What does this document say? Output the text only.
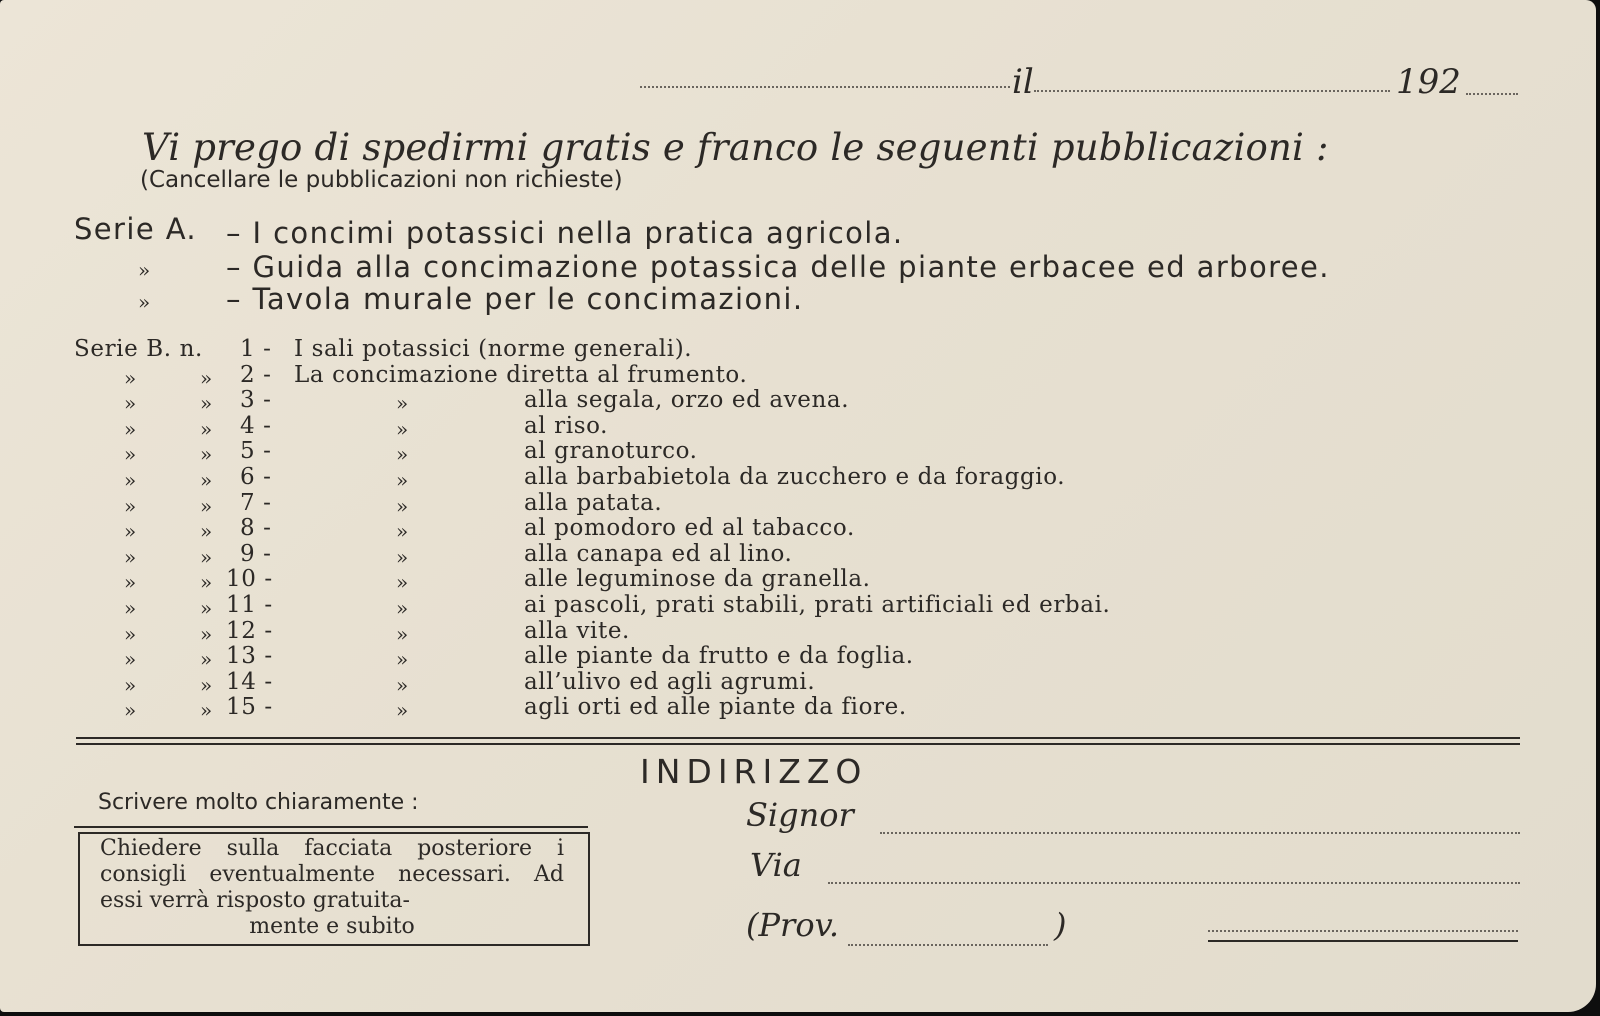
il	192
Vi prego di spedirmi gratis e franco le seguenti pubblicazioni :
(Cancellare le pubblicazioni non richieste)
Serie A. – I concimi potassici nella pratica agricola.
»	– Guida alla concimazione potassica delle piante erbacee ed arboree.
»	– Tavola murale per le concimazioni.
Serie B. n. 1 - I sali potassici (norme generali).
»	» 2 - La concimazione diretta al frumento.
»	» 3 -	»	alla segala, orzo ed avena.
»	» 4 -	»	al riso.
»	» 5 -	»	al granoturco.
»	» 6 -	»	alla barbabietola da zucchero e da foraggio.
»	» 7 -	»	alla patata.
»	» 8 -	»	al pomodoro ed al tabacco.
»	» 9 -	»	alla canapa ed al lino.
»	» 10 -	»	alle leguminose da granella.
»	» 11 -	»	ai pascoli, prati stabili, prati artificiali ed erbai.
»	» 12 -	»	alla vite.
»	» 13 -	»	alle piante da frutto e da foglia.
»	» 14 -	»	all’ulivo ed agli agrumi.
»	» 15 -	»	agli orti ed alle piante da fiore.
INDIRIZZO
Signor
Via
(Prov.	)
Scrivere molto chiaramente :
Chiedere sulla facciata posteriore i consigli eventualmente necessari. Ad essi verrà risposto gratuita-
mente e subito
